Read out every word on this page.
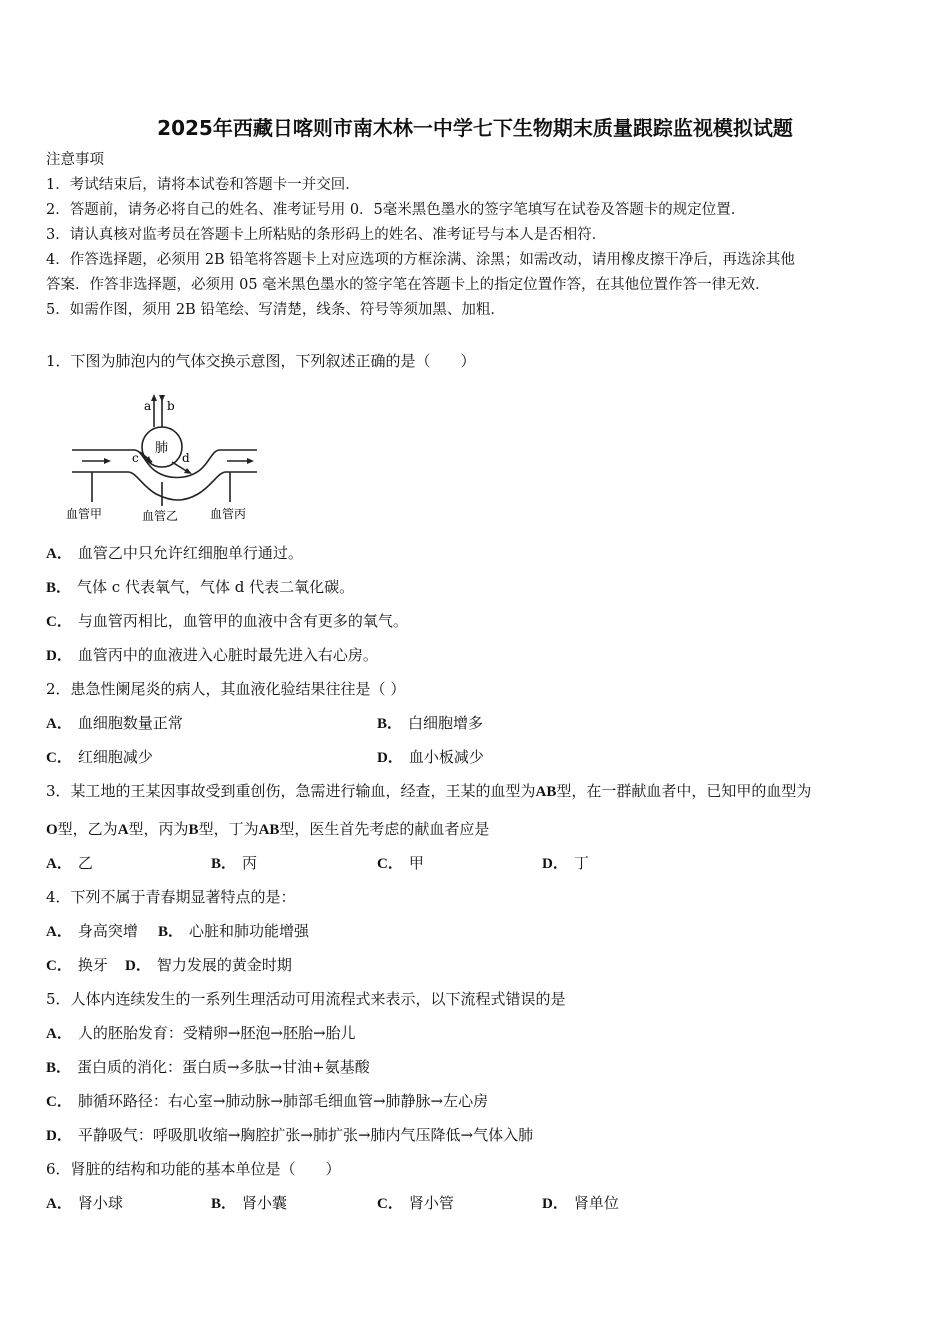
2025年西藏日喀则市南木林一中学七下生物期末质量跟踪监视模拟试题
注意事项
1．考试结束后，请将本试卷和答题卡一并交回．
2．答题前，请务必将自己的姓名、准考证号用 0．5毫米黑色墨水的签字笔填写在试卷及答题卡的规定位置．
3．请认真核对监考员在答题卡上所粘贴的条形码上的姓名、准考证号与本人是否相符．
4．作答选择题，必须用 2B 铅笔将答题卡上对应选项的方框涂满、涂黑；如需改动，请用橡皮擦干净后，再选涂其他
答案．作答非选择题，必须用 05 毫米黑色墨水的签字笔在答题卡上的指定位置作答，在其他位置作答一律无效．
5．如需作图，须用 2B 铅笔绘、写清楚，线条、符号等须加黑、加粗．
1．下图为肺泡内的气体交换示意图，下列叙述正确的是（　　）
a b
c	d
肺
血管甲	血管乙	血管丙
A． 血管乙中只允许红细胞单行通过。
B． 气体 c 代表氧气，气体 d 代表二氧化碳。
C． 与血管丙相比，血管甲的血液中含有更多的氧气。
D． 血管丙中的血液进入心脏时最先进入右心房。
2．患急性阑尾炎的病人，其血液化验结果往往是（ ）
A． 血细胞数量正常	B． 白细胞增多
C． 红细胞减少	D． 血小板减少
3．某工地的王某因事故受到重创伤，急需进行输血，经查，王某的血型为AB型，在一群献血者中，已知甲的血型为
O型，乙为A型，丙为B型，丁为AB型，医生首先考虑的献血者应是
A． 乙	B． 丙	C． 甲	D． 丁
4．下列不属于青春期显著特点的是：
A． 身高突增 B． 心脏和肺功能增强
C． 换牙 D． 智力发展的黄金时期
5．人体内连续发生的一系列生理活动可用流程式来表示，以下流程式错误的是
A． 人的胚胎发育：受精卵→胚泡→胚胎→胎儿
B． 蛋白质的消化：蛋白质→多肽→甘油+氨基酸
C． 肺循环路径：右心室→肺动脉→肺部毛细血管→肺静脉→左心房
D． 平静吸气：呼吸肌收缩→胸腔扩张→肺扩张→肺内气压降低→气体入肺
6．肾脏的结构和功能的基本单位是（　　）
A． 肾小球	B． 肾小囊	C． 肾小管	D． 肾单位
